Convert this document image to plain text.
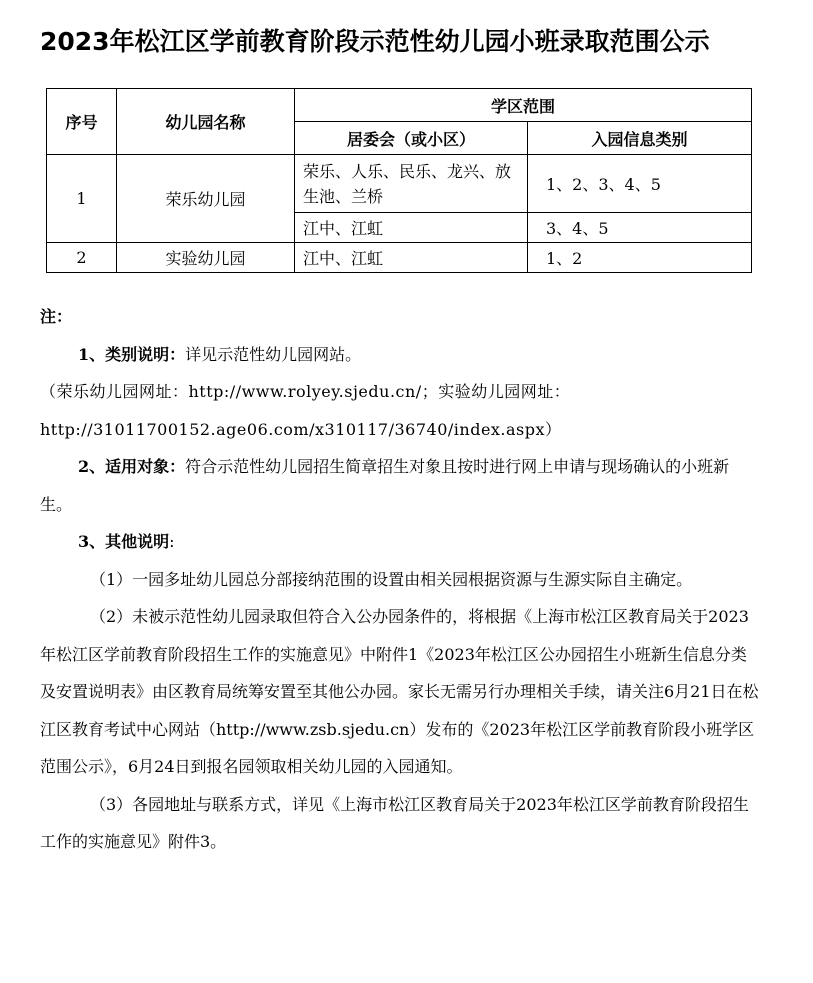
2023年松江区学前教育阶段示范性幼儿园小班录取范围公示
序号	幼儿园名称	学区范围	
		居委会（或小区）	入园信息类别
1	荣乐幼儿园	荣乐、人乐、民乐、龙兴、放生池、兰桥	1、2、3、4、5
		江中、江虹	3、4、5
2	实验幼儿园	江中、江虹	1、2

注：

1、类别说明：详见示范性幼儿园网站。

（荣乐幼儿园网址：http://www.rolyey.sjedu.cn/；实验幼儿园网址：http://31011700152.age06.com/x310117/36740/index.aspx）

2、适用对象：符合示范性幼儿园招生简章招生对象且按时进行网上申请与现场确认的小班新生。

3、其他说明:

（1）一园多址幼儿园总分部接纳范围的设置由相关园根据资源与生源实际自主确定。

（2）未被示范性幼儿园录取但符合入公办园条件的，将根据《上海市松江区教育局关于2023年松江区学前教育阶段招生工作的实施意见》中附件1《2023年松江区公办园招生小班新生信息分类及安置说明表》由区教育局统筹安置至其他公办园。家长无需另行办理相关手续，请关注6月21日在松江区教育考试中心网站（http://www.zsb.sjedu.cn）发布的《2023年松江区学前教育阶段小班学区范围公示》，6月24日到报名园领取相关幼儿园的入园通知。

（3）各园地址与联系方式，详见《上海市松江区教育局关于2023年松江区学前教育阶段招生工作的实施意见》附件3。
